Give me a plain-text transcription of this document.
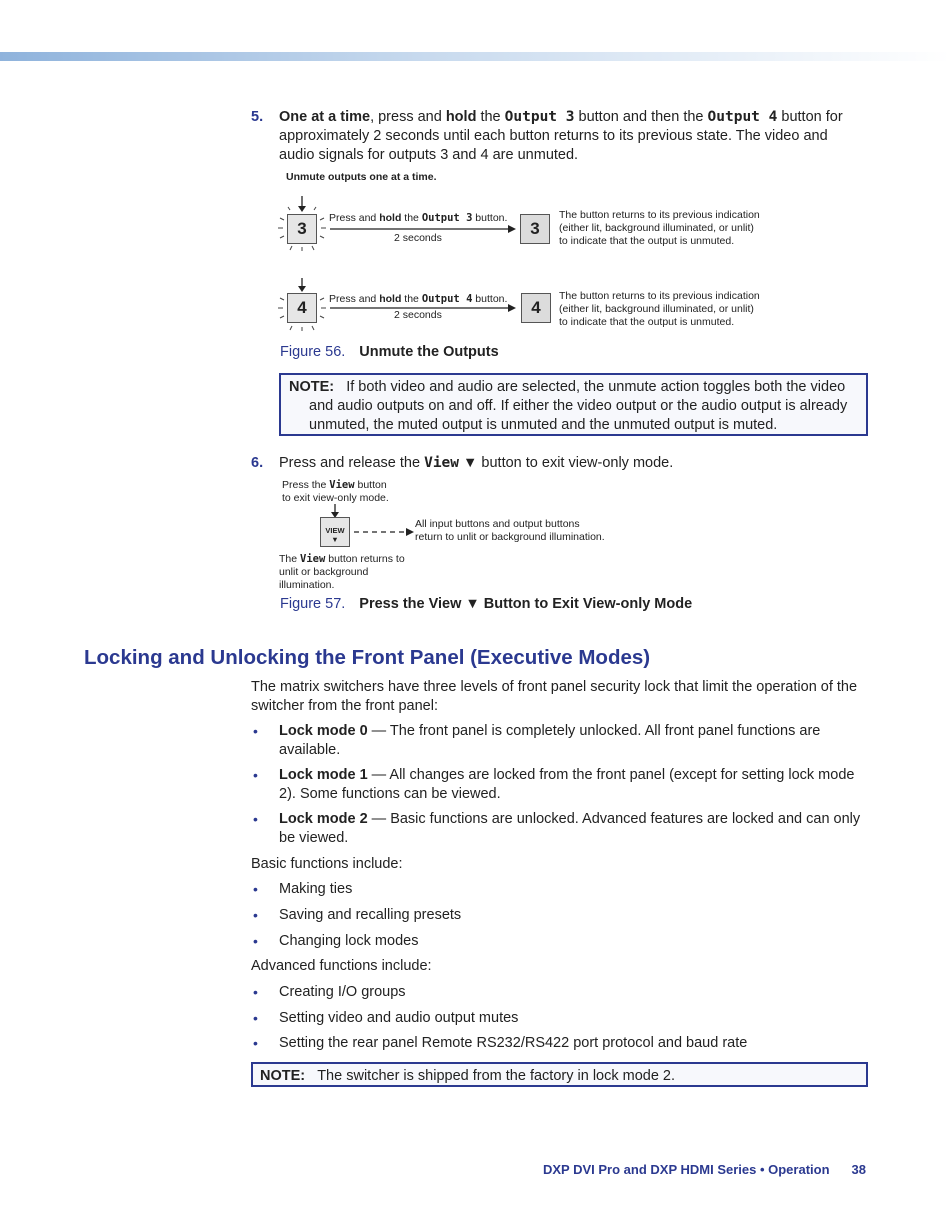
5. One at a time, press and hold the Output 3 button and then the Output 4 button for approximately 2 seconds until each button returns to its previous state. The video and audio signals for outputs 3 and 4 are unmuted.
Unmute outputs one at a time.
3
Press and hold the Output 3 button.
2 seconds	3
The button returns to its previous indication
(either lit, background illuminated, or unlit)
to indicate that the output is unmuted.
4	Press and hold the Output 4 button.
2 seconds	4
The button returns to its previous indication
(either lit, background illuminated, or unlit)
to indicate that the output is unmuted.
Figure 56. Unmute the Outputs
NOTE: If both video and audio are selected, the unmute action toggles both the video and audio outputs on and off. If either the video output or the audio output is already unmuted, the muted output is unmuted and the unmuted output is muted.
6. Press and release the View ▼ button to exit view-only mode.
Press the View button
to exit view-only mode.
VIEW
▼
All input buttons and output buttons
return to unlit or background illumination.
The View button returns to
unlit or background
illumination.
Figure 57. Press the View ▼ Button to Exit View-only Mode
Locking and Unlocking the Front Panel (Executive Modes)
The matrix switchers have three levels of front panel security lock that limit the operation of the switcher from the front panel:
• Lock mode 0 — The front panel is completely unlocked. All front panel functions are available.
• Lock mode 1 — All changes are locked from the front panel (except for setting lock mode 2). Some functions can be viewed.
• Lock mode 2 — Basic functions are unlocked. Advanced features are locked and can only be viewed.
Basic functions include:
• Making ties
• Saving and recalling presets
• Changing lock modes
Advanced functions include:
• Creating I/O groups
• Setting video and audio output mutes
• Setting the rear panel Remote RS232/RS422 port protocol and baud rate
NOTE: The switcher is shipped from the factory in lock mode 2.
DXP DVI Pro and DXP HDMI Series • Operation 38
